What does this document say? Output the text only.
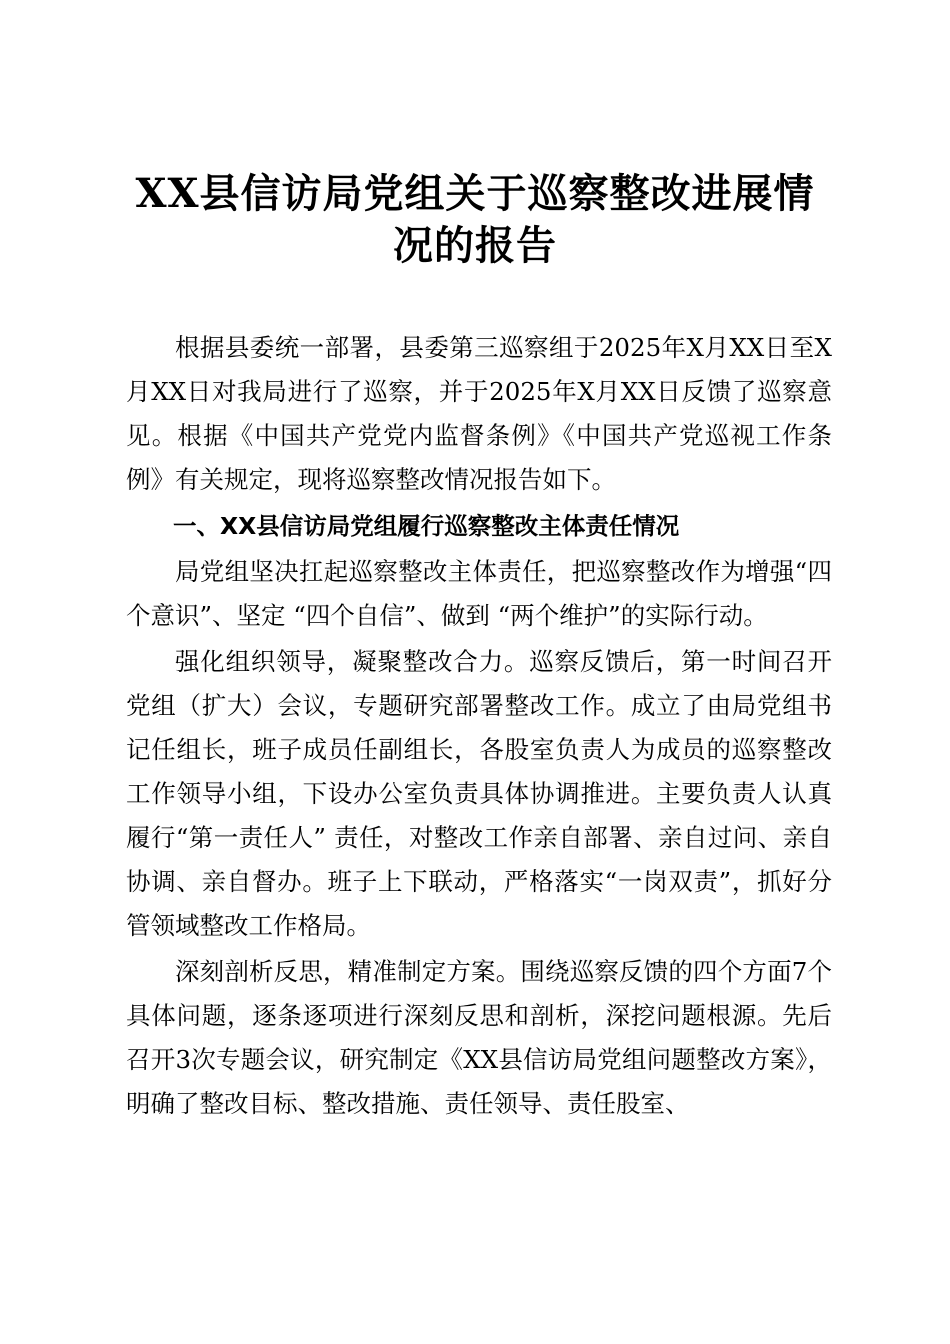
XX县信访局党组关于巡察整改进展情
况的报告

根据县委统一部署，县委第三巡察组于2025年X月XX日至X月XX日对我局进行了巡察，并于2025年X月XX日反馈了巡察意见。根据《中国共产党党内监督条例》《中国共产党巡视工作条例》有关规定，现将巡察整改情况报告如下。

一、XX县信访局党组履行巡察整改主体责任情况

局党组坚决扛起巡察整改主体责任，把巡察整改作为增强“四个意识”、坚定 “四个自信”、做到 “两个维护”的实际行动。

强化组织领导，凝聚整改合力。巡察反馈后，第一时间召开党组（扩大）会议，专题研究部署整改工作。成立了由局党组书记任组长，班子成员任副组长，各股室负责人为成员的巡察整改工作领导小组，下设办公室负责具体协调推进。主要负责人认真履行“第一责任人” 责任，对整改工作亲自部署、亲自过问、亲自协调、亲自督办。班子上下联动，严格落实“一岗双责”，抓好分管领域整改工作格局。

深刻剖析反思，精准制定方案。围绕巡察反馈的四个方面7个具体问题，逐条逐项进行深刻反思和剖析，深挖问题根源。先后召开3次专题会议，研究制定《XX县信访局党组问题整改方案》，明确了整改目标、整改措施、责任领导、责任股室、
